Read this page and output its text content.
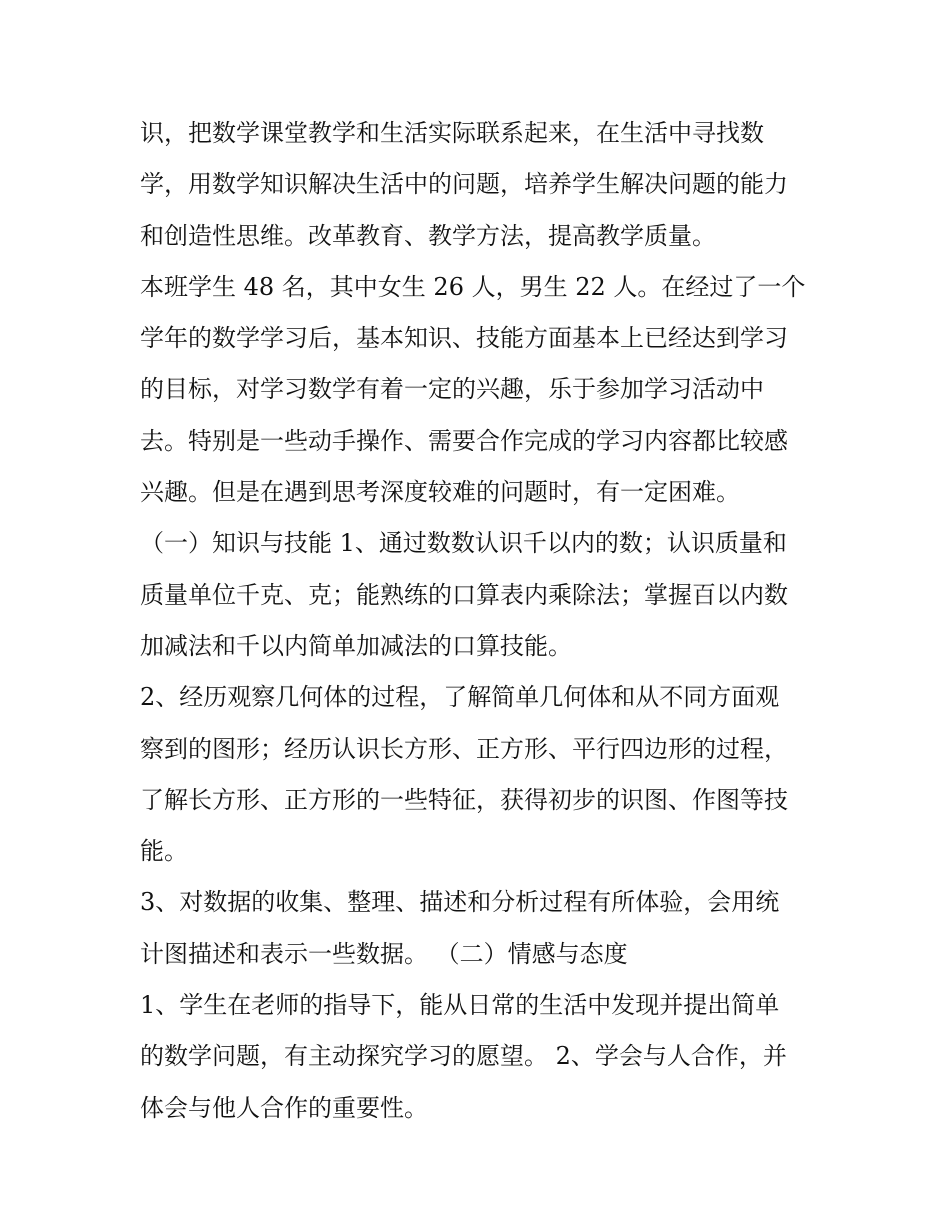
识，把数学课堂教学和生活实际联系起来，在生活中寻找数
学，用数学知识解决生活中的问题，培养学生解决问题的能力
和创造性思维。改革教育、教学方法，提高教学质量。
本班学生 48 名，其中女生 26 人，男生 22 人。在经过了一个
学年的数学学习后，基本知识、技能方面基本上已经达到学习
的目标，对学习数学有着一定的兴趣，乐于参加学习活动中
去。特别是一些动手操作、需要合作完成的学习内容都比较感
兴趣。但是在遇到思考深度较难的问题时，有一定困难。
（一）知识与技能 1、通过数数认识千以内的数；认识质量和
质量单位千克、克；能熟练的口算表内乘除法；掌握百以内数
加减法和千以内简单加减法的口算技能。
2、经历观察几何体的过程，了解简单几何体和从不同方面观
察到的图形；经历认识长方形、正方形、平行四边形的过程，
了解长方形、正方形的一些特征，获得初步的识图、作图等技
能。
3、对数据的收集、整理、描述和分析过程有所体验，会用统
计图描述和表示一些数据。 （二）情感与态度
1、学生在老师的指导下，能从日常的生活中发现并提出简单
的数学问题，有主动探究学习的愿望。 2、学会与人合作，并
体会与他人合作的重要性。
